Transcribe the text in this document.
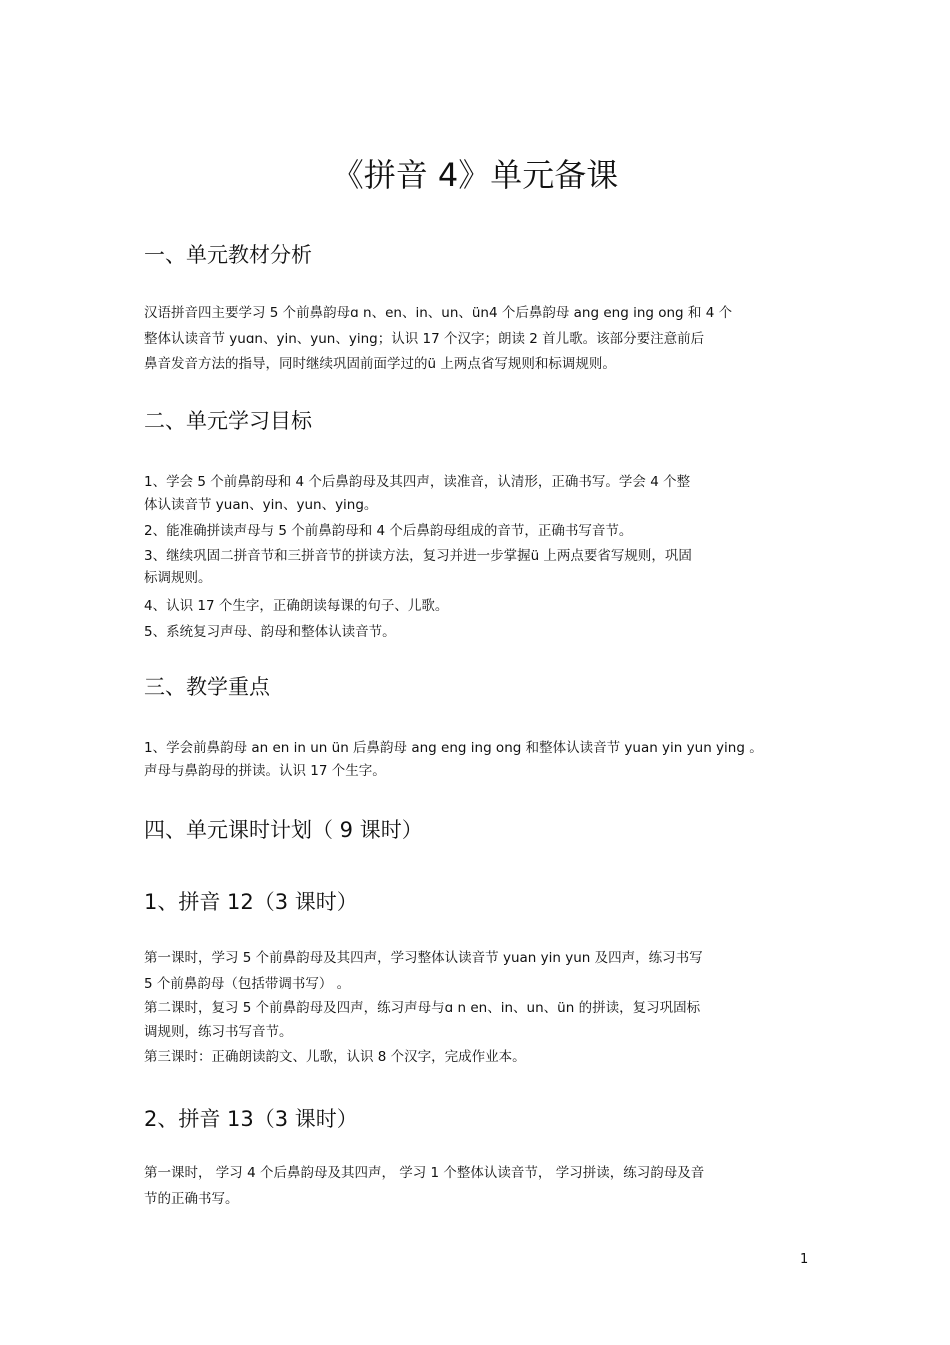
《拼音 4》单元备课
一、单元教材分析
汉语拼音四主要学习 5 个前鼻韵母ɑ n、en、in、un、ün4 个后鼻韵母 ang eng ing ong 和 4 个
整体认读音节 yuɑn、yin、yun、ying；认识 17 个汉字；朗读 2 首儿歌。该部分要注意前后
鼻音发音方法的指导，同时继续巩固前面学过的ü 上两点省写规则和标调规则。
二、单元学习目标
1、学会 5 个前鼻韵母和 4 个后鼻韵母及其四声，读准音，认清形，正确书写。学会 4 个整
体认读音节 yuan、yin、yun、ying。
2、能准确拼读声母与 5 个前鼻韵母和 4 个后鼻韵母组成的音节，正确书写音节。
3、继续巩固二拼音节和三拼音节的拼读方法，复习并进一步掌握ü 上两点要省写规则，巩固
标调规则。
4、认识 17 个生字，正确朗读每课的句子、儿歌。
5、系统复习声母、韵母和整体认读音节。
三、教学重点
1、学会前鼻韵母 an en in un ün 后鼻韵母 ang eng ing ong 和整体认读音节 yuan yin yun ying 。
声母与鼻韵母的拼读。认识 17 个生字。
四、单元课时计划（ 9 课时）
1、拼音 12（3 课时）
第一课时，学习 5 个前鼻韵母及其四声，学习整体认读音节 yuan yin yun 及四声，练习书写
5 个前鼻韵母（包括带调书写） 。
第二课时，复习 5 个前鼻韵母及四声，练习声母与ɑ n en、in、un、ün 的拼读，复习巩固标
调规则，练习书写音节。
第三课时：正确朗读韵文、儿歌，认识 8 个汉字，完成作业本。
2、拼音 13（3 课时）
第一课时， 学习 4 个后鼻韵母及其四声， 学习 1 个整体认读音节， 学习拼读，练习韵母及音
节的正确书写。
1
